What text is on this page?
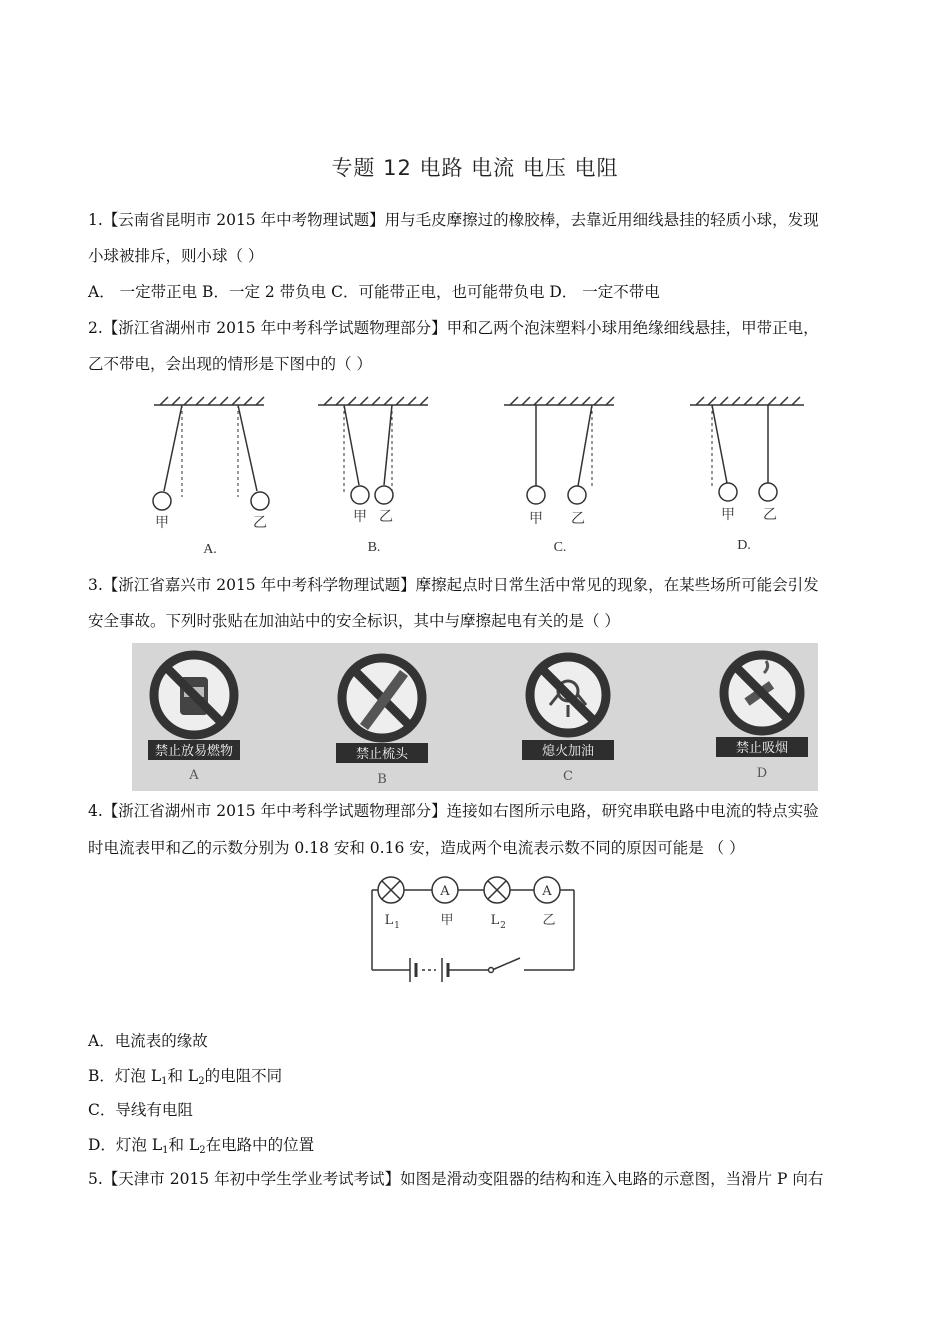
专题 12 电路 电流 电压 电阻
1.【云南省昆明市 2015 年中考物理试题】用与毛皮摩擦过的橡胶棒，去靠近用细线悬挂的轻质小球，发现
小球被排斥，则小球（ ）
A． 一定带正电 B．一定 2 带负电 C．可能带正电，也可能带负电 D． 一定不带电
2.【浙江省湖州市 2015 年中考科学试题物理部分】甲和乙两个泡沫塑料小球用绝缘细线悬挂，甲带正电，
乙不带电，会出现的情形是下图中的（ ）
甲	乙
A.
甲 乙
B.
甲 乙
C.
甲 乙
D.
3.【浙江省嘉兴市 2015 年中考科学物理试题】摩擦起点时日常生活中常见的现象，在某些场所可能会引发
安全事故。下列时张贴在加油站中的安全标识，其中与摩擦起电有关的是（ ）
禁止放易燃物
A
禁止梳头
B
熄火加油
C
禁止吸烟
D
4.【浙江省湖州市 2015 年中考科学试题物理部分】连接如右图所示电路，研究串联电路中电流的特点实验
时电流表甲和乙的示数分别为 0.18 安和 0.16 安，造成两个电流表示数不同的原因可能是 （ ）
A	A
L 1	甲	L 2	乙
A．电流表的缘故
B．灯泡 $L_1$和 $L_2$的电阻不同
C．导线有电阻
D．灯泡 $L_1$和 $L_2$在电路中的位置
5.【天津市 2015 年初中学生学业考试考试】如图是滑动变阻器的结构和连入电路的示意图，当滑片 P 向右
